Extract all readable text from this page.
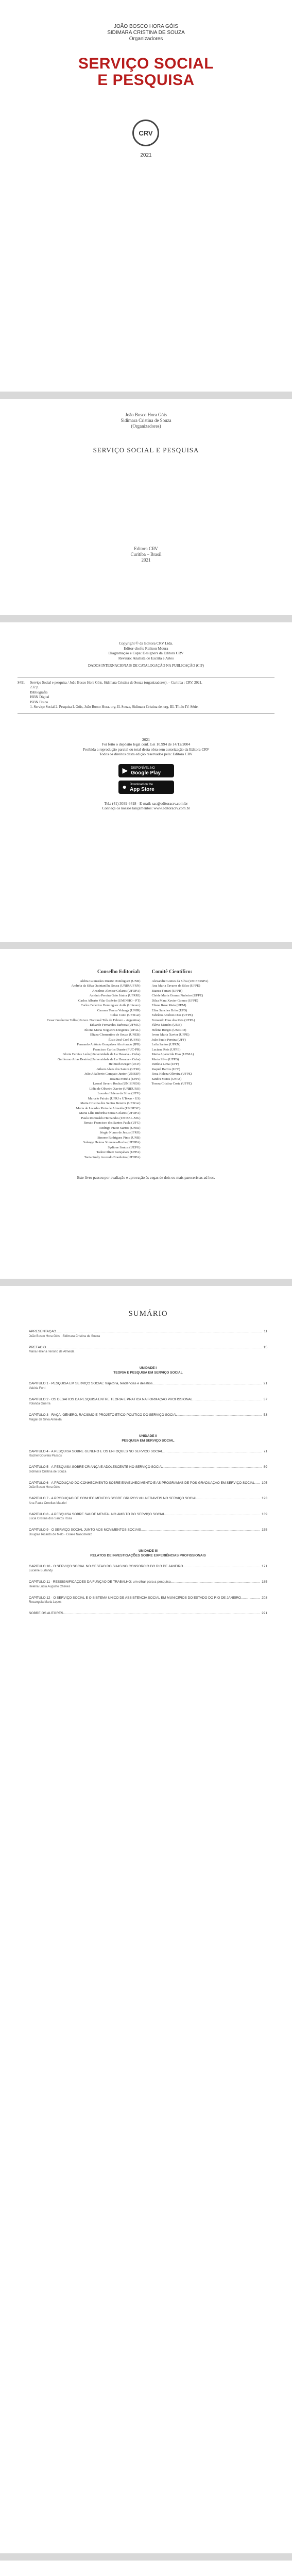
JOÃO BOSCO HORA GÓIS
SIDIMARA CRISTINA DE SOUZA
Organizadores
SERVIÇO SOCIAL
E PESQUISA
CRV
2021
João Bosco Hora Góis
Sidimara Cristina de Souza
(Organizadores)
SERVIÇO SOCIAL E PESQUISA
Editora CRV
Curitiba – Brasil
2021
Copyright © da Editora CRV Ltda.
Editor-chefe: Railson Moura
Diagramação e Capa: Designers da Editora CRV
Revisão: Analista de Escrita e Artes
DADOS INTERNACIONAIS DE CATALOGAÇÃO NA PUBLICAÇÃO (CIP)
S491 Serviço Social e pesquisa / João Bosco Hora Góis, Sidimara Cristina de Souza (organizadores). – Curitiba : CRV, 2021.
232 p.
Bibliografia
ISBN Digital
ISBN Físico
1. Serviço Social 2. Pesquisa I. Góis, João Bosco Hora. org. II. Souza, Sidimara Cristina de. org. III. Título IV. Série.
2021
Foi feito o depósito legal conf. Lei 10.994 de 14/12/2004
Proibida a reprodução parcial ou total desta obra sem autorização da Editora CRV
Todos os direitos desta edição reservados pela: Editora CRV
▶ DISPONÍVEL NO
Google Play
● Download on the
App Store
Tel.: (41) 3039-6418 - E-mail: sac@editoracrv.com.br
Conheça os nossos lançamentos: www.editoracrv.com.br
Conselho Editorial:
Aldira Guimarães Duarte Domínguez (UNB)
Andréia da Silva Quintanilha Sousa (UNIR/UFRN)
Anselmo Alencar Colares (UFOPA)
Antônio Pereira Gaio Júnior (UFRRJ)
Carlos Alberto Vilar Estêvão (UMINHO - PT)
Carlos Federico Dominguez Avila (Unieuro)
Carmen Tereza Velanga (UNIR)
Celso Conti (UFSCar)
Cesar Gerónimo Tello (Univer. Nacional Três de Febrero - Argentina)
Eduardo Fernandes Barbosa (UFMG)
Elione Maria Nogueira Diogenes (UFAL)
Elizeu Clementino de Souza (UNEB)
Élsio José Corá (UFFS)
Fernando Antônio Gonçalves Alcoforado (IPB)
Francisco Carlos Duarte (PUC-PR)
Gloria Fariñas León (Universidade de La Havana – Cuba)
Guillermo Arias Beatón (Universidade de La Havana – Cuba)
Helmuth Krüger (UCP)
Jailson Alves dos Santos (UFRJ)
João Adalberto Campato Junior (UNESP)
Josania Portela (UFPI)
Leonel Severo Rocha (UNISINOS)
Lídia de Oliveira Xavier (UNIEURO)
Lourdes Helena da Silva (UFV)
Marcelo Paixão (UFRJ e UTexas - US)
Maria Cristina dos Santos Bezerra (UFSCar)
Maria de Lourdes Pinto de Almeida (UNOESC)
Maria Lília Imbiriba Sousa Colares (UFOPA)
Paulo Romualdo Hernandes (UNIFAL-MG)
Renato Francisco dos Santos Paula (UFG)
Rodrigo Pratte-Santos (UFES)
Sérgio Nunes de Jesus (IFRO)
Simone Rodrigues Pinto (UNB)
Solange Helena Ximenes-Rocha (UFOPA)
Sydione Santos (UEPG)
Tadeu Oliver Gonçalves (UFPA)
Tania Suely Azevedo Brasileiro (UFOPA)
Comitê Científico:
Alexandre Gomes da Silva (UNIFESSPA)
Ana Maria Tavares da Silva (UFPE)
Bianca Ferrari (UFPR)
Cleide Maria Gomes Pinheiro (UFPE)
Dilsa Mara Xavier Gomes (UFPE)
Eliane Rose Maio (UEM)
Elisa Sanches Brito (UFS)
Fabrício Antônio Dias (UFPE)
Fernando Dias dos Reis (UFPA)
Flávia Mendes (UNB)
Helena Borges (UNIRIO)
Ivone Maria Xavier (UFPE)
João Paulo Pereira (UFF)
Leila Santos (UFRN)
Luciana Reis (UFPE)
Maria Aparecida Dias (UFMA)
Marta Silva (UFPB)
Patrícia Lima (UFF)
Raquel Barros (UFF)
Rosa Helena Oliveira (UFPE)
Sandra Matos (UFPA)
Tereza Cristina Costa (UFPE)
Este livro passou por avaliação e aprovação às cegas de dois ou mais pareceristas ad hoc.
SUMÁRIO
APRESENTAÇÃO .....	11
João Bosco Hora Góis · Sidimara Cristina de Souza
PREFÁCIO .....	15
Maria Helena Tenório de Almeida
UNIDADE I
TEORIA E PESQUISA EM SERVIÇO SOCIAL
CAPÍTULO 1 · PESQUISA EM SERVIÇO SOCIAL: trajetória, tendências e desafios .....	21
Valéria Forti
CAPÍTULO 2 · OS DESAFIOS DA PESQUISA ENTRE TEORIA E PRÁTICA NA FORMAÇÃO PROFISSIONAL .....	37
Yolanda Guerra
CAPÍTULO 3 · RAÇA, GÊNERO, RACISMO E PROJETO ÉTICO-POLÍTICO DO SERVIÇO SOCIAL .....	53
Magali da Silva Almeida
UNIDADE II
PESQUISA EM SERVIÇO SOCIAL
CAPÍTULO 4 · A PESQUISA SOBRE GÊNERO E OS ENFOQUES NO SERVIÇO SOCIAL .....	71
Rachel Gouveia Passos
CAPÍTULO 5 · A PESQUISA SOBRE CRIANÇA E ADOLESCENTE NO SERVIÇO SOCIAL .....	89
Sidimara Cristina de Souza
CAPÍTULO 6 · A PRODUÇÃO DO CONHECIMENTO SOBRE ENVELHECIMENTO E AS PROGRAMAS DE PÓS-GRADUAÇÃO EM SERVIÇO SOCIAL .....	105
João Bosco Hora Góis
CAPÍTULO 7 · A PRODUÇÃO DE CONHECIMENTOS SOBRE GRUPOS VULNERÁVEIS NO SERVIÇO SOCIAL .....	123
Ana Paula Ornellas Mauriel
CAPÍTULO 8 · A PESQUISA SOBRE SAÚDE MENTAL NO ÂMBITO DO SERVIÇO SOCIAL .....	139
Lúcia Cristina dos Santos Rosa
CAPÍTULO 9 · O SERVIÇO SOCIAL JUNTO AOS MOVIMENTOS SOCIAIS .....	155
Douglas Ricardo de Melo · Gisele Nascimento
UNIDADE III
RELATOS DE INVESTIGAÇÕES SOBRE EXPERIÊNCIAS PROFISSIONAIS
CAPÍTULO 10 · O SERVIÇO SOCIAL NO GESTÃO DO SUAS NO CONSÓRCIO DO RIO DE JANEIRO .....	171
Luciene Burlandy
CAPÍTULO 11 · RESSIGNIFICAÇÕES DA FUNÇÃO DE TRABALHO: um olhar para a pesquisa .....	185
Helena Lúcia Augusto Chaves
CAPÍTULO 12 · O SERVIÇO SOCIAL E O SISTEMA ÚNICO DE ASSISTÊNCIA SOCIAL EM MUNICÍPIOS DO ESTADO DO RIO DE JANEIRO .....	203
Rosangela Maria Lopes
SOBRE OS AUTORES .....	221
